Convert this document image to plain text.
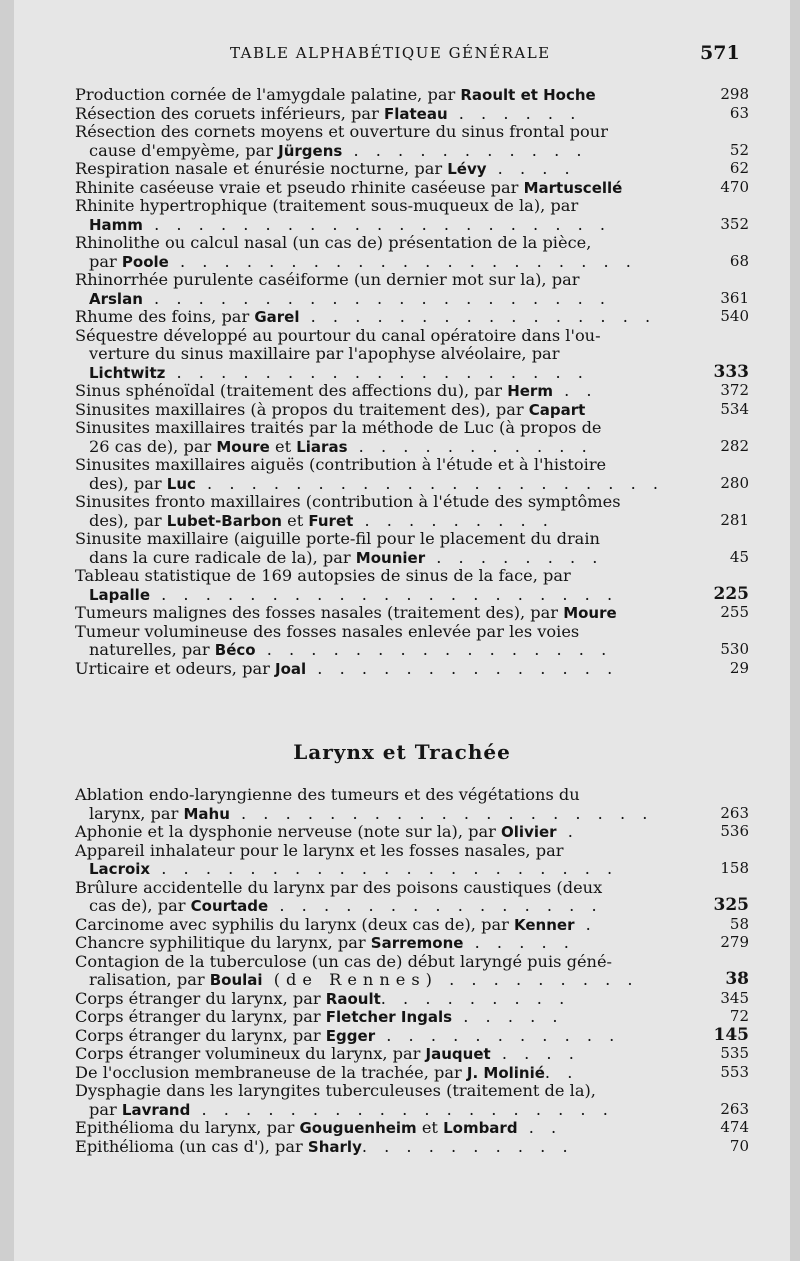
TABLE ALPHABÉTIQUE GÉNÉRALE	571
Production cornée de l'amygdale palatine, par Raoult et Hoche	298
Résection des coruets inférieurs, par Flateau . . . . . .	63
Résection des cornets moyens et ouverture du sinus frontal pour
cause d'empyème, par Jürgens . . . . . . . . . . .	52
Respiration nasale et énurésie nocturne, par Lévy . . . .	62
Rhinite caséeuse vraie et pseudo rhinite caséeuse par Martuscellé	470
Rhinite hypertrophique (traitement sous-muqueux de la), par
Hamm . . . . . . . . . . . . . . . . . . . . .	352
Rhinolithe ou calcul nasal (un cas de) présentation de la pièce,
par Poole . . . . . . . . . . . . . . . . . . . . .	68
Rhinorrhée purulente caséiforme (un dernier mot sur la), par
Arslan . . . . . . . . . . . . . . . . . . . . .	361
Rhume des foins, par Garel . . . . . . . . . . . . . . . .	540
Séquestre développé au pourtour du canal opératoire dans l'ou-
verture du sinus maxillaire par l'apophyse alvéolaire, par
Lichtwitz . . . . . . . . . . . . . . . . . . .	333
Sinus sphénoïdal (traitement des affections du), par Herm . .	372
Sinusites maxillaires (à propos du traitement des), par Capart	534
Sinusites maxillaires traités par la méthode de Luc (à propos de
26 cas de), par Moure et Liaras . . . . . . . . . . .	282
Sinusites maxillaires aiguës (contribution à l'étude et à l'histoire
des), par Luc . . . . . . . . . . . . . . . . . . . . .	280
Sinusites fronto maxillaires (contribution à l'étude des symptômes
des), par Lubet-Barbon et Furet . . . . . . . . .	281
Sinusite maxillaire (aiguille porte-fil pour le placement du drain
dans la cure radicale de la), par Mounier . . . . . . . .	45
Tableau statistique de 169 autopsies de sinus de la face, par
Lapalle . . . . . . . . . . . . . . . . . . . . .	225
Tumeurs malignes des fosses nasales (traitement des), par Moure	255
Tumeur volumineuse des fosses nasales enlevée par les voies
naturelles, par Béco . . . . . . . . . . . . . . . .	530
Urticaire et odeurs, par Joal . . . . . . . . . . . . . .	29
Larynx et Trachée
Ablation endo-laryngienne des tumeurs et des végétations du
larynx, par Mahu . . . . . . . . . . . . . . . . . . .	263
Aphonie et la dysphonie nerveuse (note sur la), par Olivier .	536
Appareil inhalateur pour le larynx et les fosses nasales, par
Lacroix . . . . . . . . . . . . . . . . . . . . .	158
Brûlure accidentelle du larynx par des poisons caustiques (deux
cas de), par Courtade . . . . . . . . . . . . . . .	325
Carcinome avec syphilis du larynx (deux cas de), par Kenner .	58
Chancre syphilitique du larynx, par Sarremone . . . . .	279
Contagion de la tuberculose (un cas de) début laryngé puis géné-
ralisation, par Boulai (de Rennes) . . . . . . . . .	38
Corps étranger du larynx, par Raoult. . . . . . . . .	345
Corps étranger du larynx, par Fletcher Ingals . . . . .	72
Corps étranger du larynx, par Egger . . . . . . . . . . .	145
Corps étranger volumineux du larynx, par Jauquet . . . .	535
De l'occlusion membraneuse de la trachée, par J. Molinié. .	553
Dysphagie dans les laryngites tuberculeuses (traitement de la),
par Lavrand . . . . . . . . . . . . . . . . . . .	263
Epithélioma du larynx, par Gouguenheim et Lombard . .	474
Epithélioma (un cas d'), par Sharly. . . . . . . . . .	70
